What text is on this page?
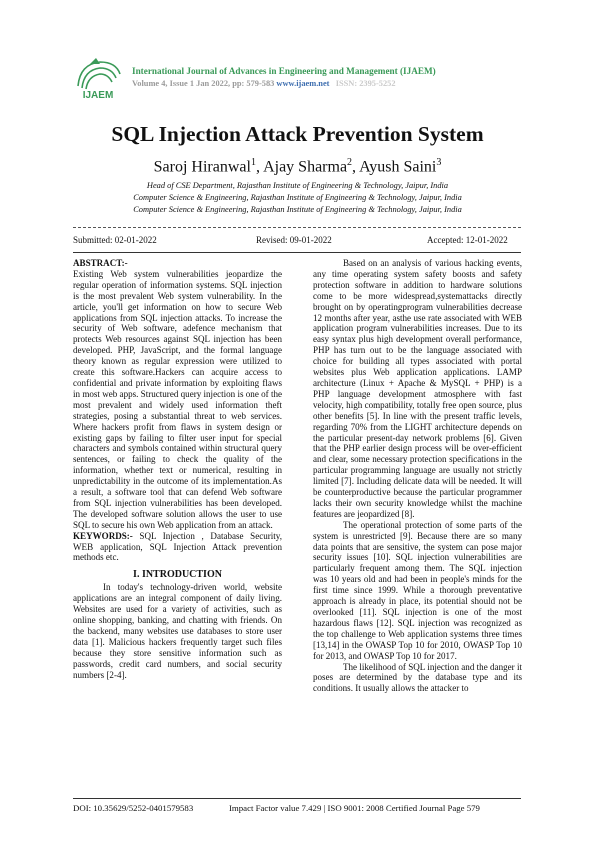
IJAEM
International Journal of Advances in Engineering and Management (IJAEM)
Volume 4, Issue 1 Jan 2022, pp: 579-583 www.ijaem.net ISSN: 2395-5252
SQL Injection Attack Prevention System
Saroj Hiranwal$^1$, Ajay Sharma$^2$, Ayush Saini$^3$
Head of CSE Department, Rajasthan Institute of Engineering & Technology, Jaipur, India
Computer Science & Engineering, Rajasthan Institute of Engineering & Technology, Jaipur, India
Computer Science & Engineering, Rajasthan Institute of Engineering & Technology, Jaipur, India
Submitted: 02-01-2022	Revised: 09-01-2022	Accepted: 12-01-2022

ABSTRACT:-

Existing Web system vulnerabilities jeopardize the regular operation of information systems. SQL injection is the most prevalent Web system vulnerability. In the article, you'll get information on how to secure Web applications from SQL injection attacks. To increase the security of Web software, adefence mechanism that protects Web resources against SQL injection has been developed. PHP, JavaScript, and the formal language theory known as regular expression were utilized to create this software.Hackers can acquire access to confidential and private information by exploiting flaws in most web apps. Structured query injection is one of the most prevalent and widely used information theft strategies, posing a substantial threat to web services. Where hackers profit from flaws in system design or existing gaps by failing to filter user input for special characters and symbols contained within structural query sentences, or failing to check the quality of the information, whether text or numerical, resulting in unpredictability in the outcome of its implementation.As a result, a software tool that can defend Web software from SQL injection vulnerabilities has been developed. The developed software solution allows the user to use SQL to secure his own Web application from an attack.

KEYWORDS:- SQL Injection , Database Security, WEB application, SQL Injection Attack prevention methods etc.

I. INTRODUCTION

In today's technology-driven world, website applications are an integral component of daily living. Websites are used for a variety of activities, such as online shopping, banking, and chatting with friends. On the backend, many websites use databases to store user data [1]. Malicious hackers frequently target such files because they store sensitive information such as passwords, credit card numbers, and social security numbers [2-4].

Based on an analysis of various hacking events, any time operating system safety boosts and safety protection software in addition to hardware solutions come to be more widespread,systemattacks directly brought on by operatingprogram vulnerabilities decrease 12 months after year, asthe use rate associated with WEB application program vulnerabilities increases. Due to its easy syntax plus high development overall performance, PHP has turn out to be the language associated with choice for building all types associated with portal websites plus Web application applications. LAMP architecture (Linux + Apache & MySQL + PHP) is a PHP language development atmosphere with fast velocity, high compatibility, totally free open source, plus other benefits [5]. In line with the present traffic levels, regarding 70% from the LIGHT architecture depends on the particular present-day network problems [6]. Given that the PHP earlier design process will be over-efficient and clear, some necessary protection specifications in the particular programming language are usually not strictly limited [7]. Including delicate data will be needed. It will be counterproductive because the particular programmer lacks their own security knowledge whilst the machine features are jeopardized [8].

The operational protection of some parts of the system is unrestricted [9]. Because there are so many data points that are sensitive, the system can pose major security issues [10]. SQL injection vulnerabilities are particularly frequent among them. The SQL injection was 10 years old and had been in people's minds for the first time since 1999. While a thorough preventative approach is already in place, its potential should not be overlooked [11]. SQL injection is one of the most hazardous flaws [12]. SQL injection was recognized as the top challenge to Web application systems three times [13,14] in the OWASP Top 10 for 2010, OWASP Top 10 for 2013, and OWASP Top 10 for 2017.

The likelihood of SQL injection and the danger it poses are determined by the database type and its conditions. It usually allows the attacker to

DOI: 10.35629/5252-0401579583	Impact Factor value 7.429 | ISO 9001: 2008 Certified Journal Page 579
